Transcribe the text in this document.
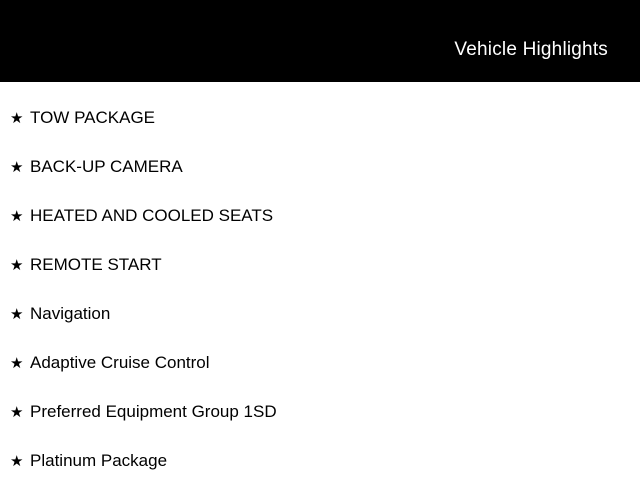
Vehicle Highlights
★ TOW PACKAGE
★ BACK-UP CAMERA
★ HEATED AND COOLED SEATS
★ REMOTE START
★ Navigation
★ Adaptive Cruise Control
★ Preferred Equipment Group 1SD
★ Platinum Package
